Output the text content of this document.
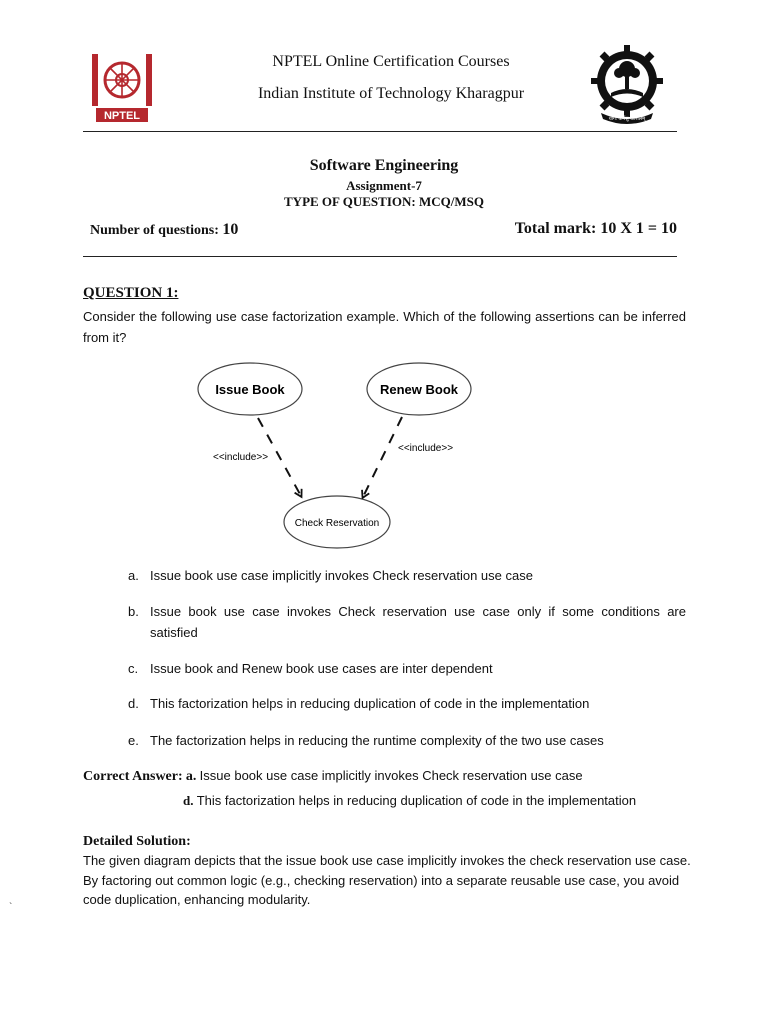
NPTEL
NPTEL Online Certification Courses
Indian Institute of Technology Kharagpur
योगः कर्मसु कौशलम्
Software Engineering
Assignment-7
TYPE OF QUESTION: MCQ/MSQ
Number of questions: 10	Total mark: 10 X 1 = 10
QUESTION 1:
Consider the following use case factorization example. Which of the following assertions can be inferred from it?
Issue Book	Renew Book
Check Reservation
<<include>>
<<include>>
a. Issue book use case implicitly invokes Check reservation use case
b. Issue book use case invokes Check reservation use case only if some conditions are satisfied
c. Issue book and Renew book use cases are inter dependent
d. This factorization helps in reducing duplication of code in the implementation
e. The factorization helps in reducing the runtime complexity of the two use cases
Correct Answer: a. Issue book use case implicitly invokes Check reservation use case
d. This factorization helps in reducing duplication of code in the implementation
Detailed Solution:
The given diagram depicts that the issue book use case implicitly invokes the check reservation use case. By factoring out common logic (e.g., checking reservation) into a separate reusable use case, you avoid code duplication, enhancing modularity.
`
